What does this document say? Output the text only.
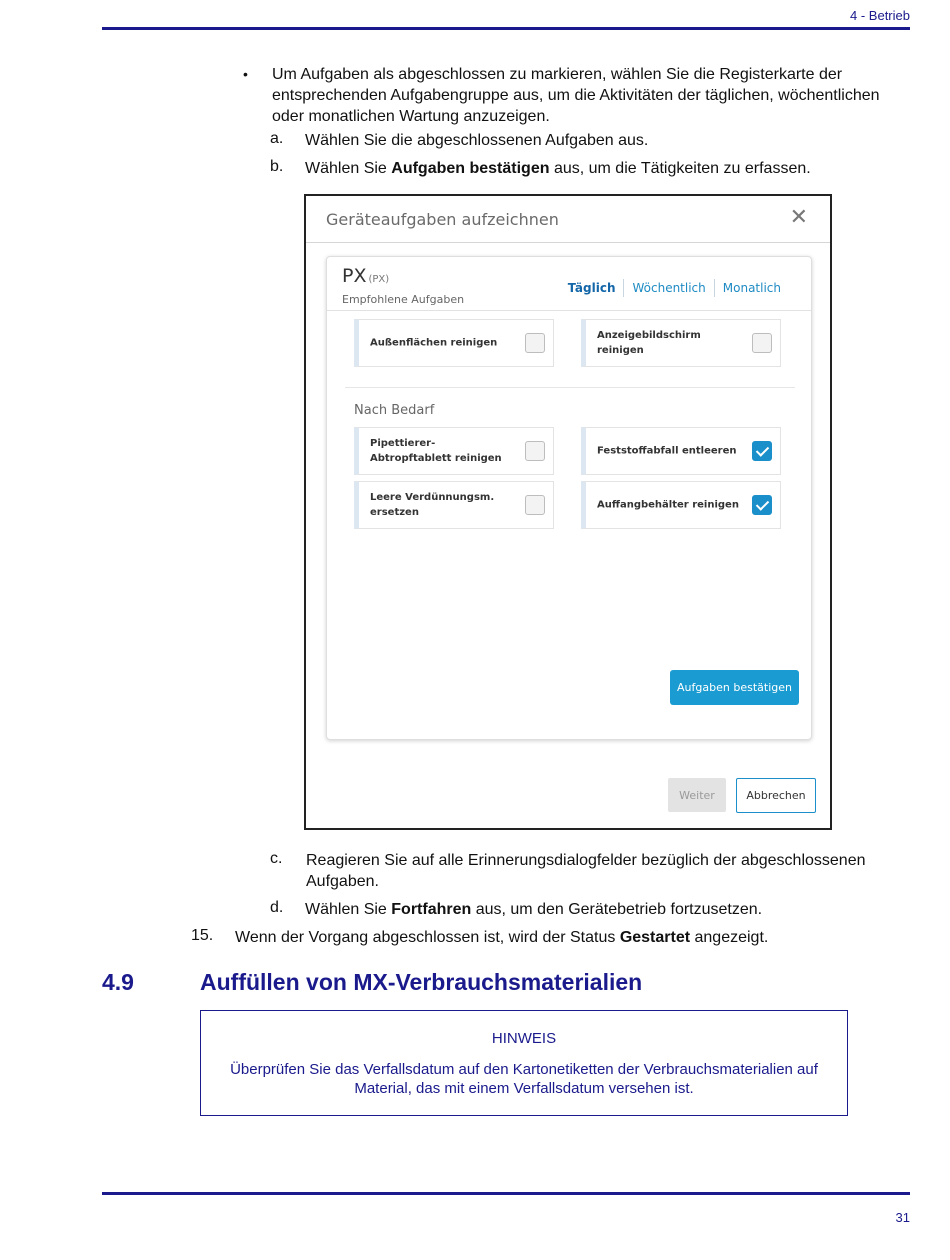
4 - Betrieb
• Um Aufgaben als abgeschlossen zu markieren, wählen Sie die Registerkarte der entsprechenden Aufgabengruppe aus, um die Aktivitäten der täglichen, wöchentlichen oder monatlichen Wartung anzuzeigen.
a. Wählen Sie die abgeschlossenen Aufgaben aus.
b. Wählen Sie Aufgaben bestätigen aus, um die Tätigkeiten zu erfassen.
Geräteaufgaben aufzeichnen	✕
PX (PX)
Empfohlene Aufgaben
Täglich	Wöchentlich	Monatlich
Außenflächen reinigen
Anzeigebildschirm reinigen
Nach Bedarf
Pipettierer-Abtropftablett reinigen
Feststoffabfall entleeren
Leere Verdünnungsm. ersetzen
Auffangbehälter reinigen
Aufgaben bestätigen
Weiter	Abbrechen
c. Reagieren Sie auf alle Erinnerungsdialogfelder bezüglich der abgeschlossenen Aufgaben.
d. Wählen Sie Fortfahren aus, um den Gerätebetrieb fortzusetzen.
15. Wenn der Vorgang abgeschlossen ist, wird der Status Gestartet angezeigt.
4.9	Auffüllen von MX-Verbrauchsmaterialien
HINWEIS
Überprüfen Sie das Verfallsdatum auf den Kartonetiketten der Verbrauchsmaterialien auf Material, das mit einem Verfallsdatum versehen ist.
31
